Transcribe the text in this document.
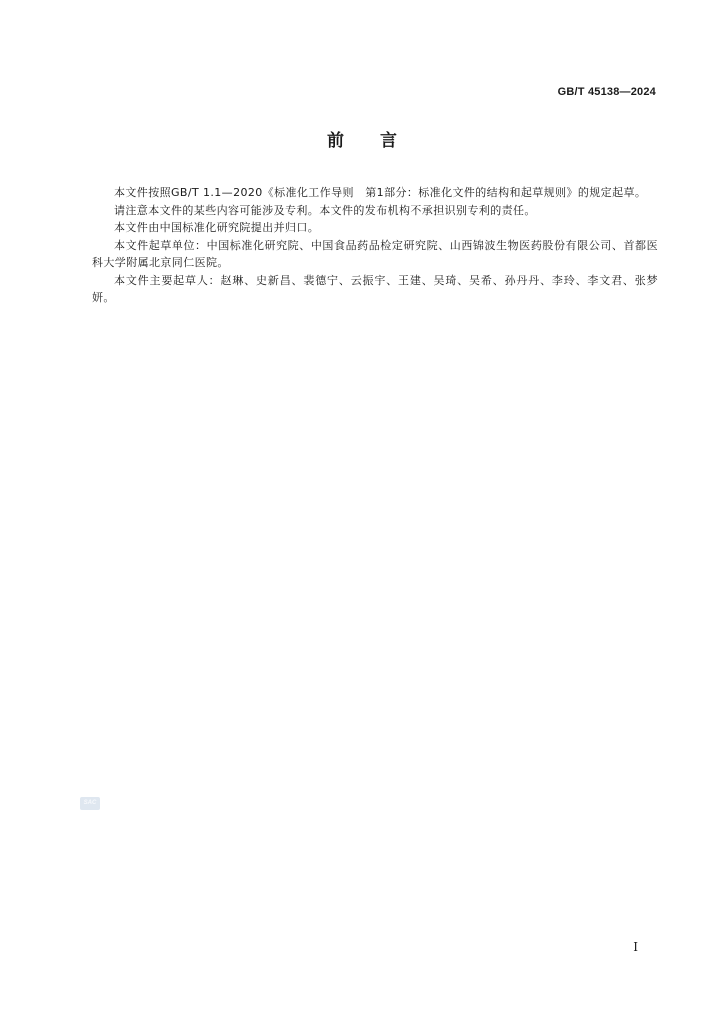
GB/T 45138—2024
前 言

本文件按照GB/T 1.1—2020《标准化工作导则　第1部分：标准化文件的结构和起草规则》的规定起草。

请注意本文件的某些内容可能涉及专利。本文件的发布机构不承担识别专利的责任。

本文件由中国标准化研究院提出并归口。

本文件起草单位：中国标准化研究院、中国食品药品检定研究院、山西锦波生物医药股份有限公司、首都医科大学附属北京同仁医院。

本文件主要起草人：赵琳、史新昌、裴德宁、云振宇、王建、吴琦、吴希、孙丹丹、李玲、李文君、张梦妍。

SAC
I
